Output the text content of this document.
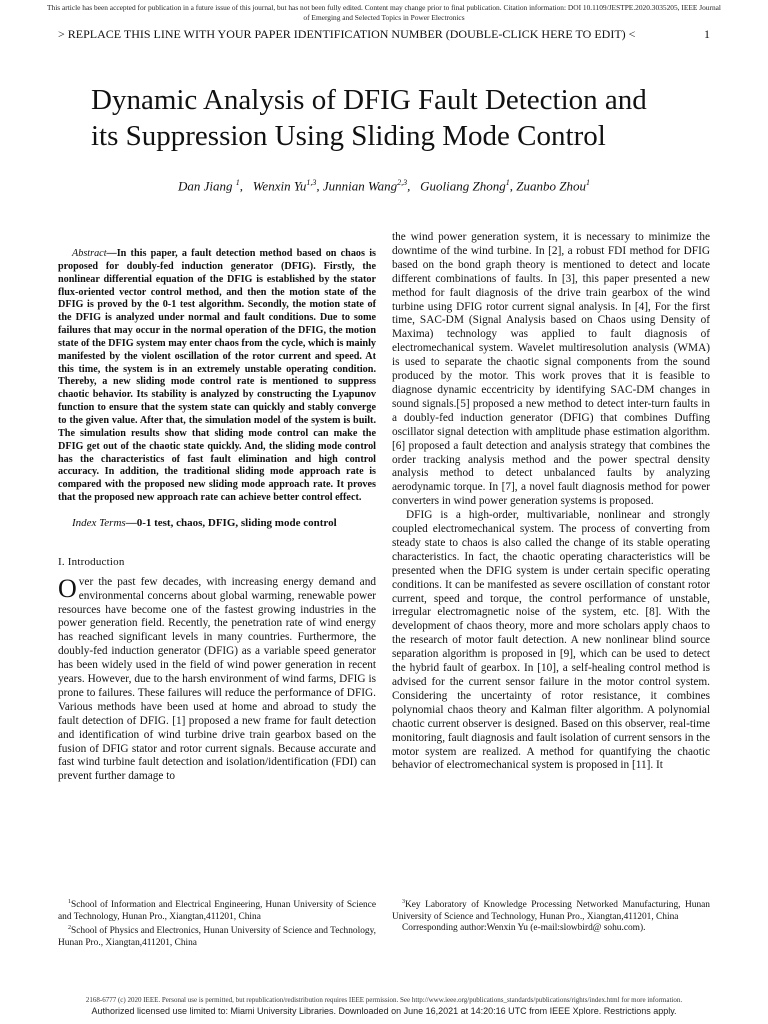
This article has been accepted for publication in a future issue of this journal, but has not been fully edited. Content may change prior to final publication. Citation information: DOI 10.1109/JESTPE.2020.3035205, IEEE Journal
of Emerging and Selected Topics in Power Electronics
> REPLACE THIS LINE WITH YOUR PAPER IDENTIFICATION NUMBER (DOUBLE-CLICK HERE TO EDIT) <	1
Dynamic Analysis of DFIG Fault Detection and
its Suppression Using Sliding Mode Control
Dan Jiang $^1$,   Wenxin Yu$^{1,3}$, Junnian Wang$^{2,3}$,   Guoliang Zhong$^1$, Zuanbo Zhou$^1$

Abstract—In this paper, a fault detection method based on chaos is proposed for doubly-fed induction generator (DFIG). Firstly, the nonlinear differential equation of the DFIG is established by the stator flux-oriented vector control method, and then the motion state of the DFIG is proved by the 0-1 test algorithm. Secondly, the motion state of the DFIG is analyzed under normal and fault conditions. Due to some failures that may occur in the normal operation of the DFIG, the motion state of the DFIG system may enter chaos from the cycle, which is mainly manifested by the violent oscillation of the rotor current and speed. At this time, the system is in an extremely unstable operating condition. Thereby, a new sliding mode control rate is mentioned to suppress chaotic behavior. Its stability is analyzed by constructing the Lyapunov function to ensure that the system state can quickly and stably converge to the given value. After that, the simulation model of the system is built. The simulation results show that sliding mode control can make the DFIG get out of the chaotic state quickly. And, the sliding mode control has the characteristics of fast fault elimination and high control accuracy. In addition, the traditional sliding mode approach rate is compared with the proposed new sliding mode approach rate. It proves that the proposed new approach rate can achieve better control effect.

Index Terms—0-1 test, chaos, DFIG, sliding mode control

I. Introduction

Over the past few decades, with increasing energy demand and environmental concerns about global warming, renewable power resources have become one of the fastest growing industries in the power generation field. Recently, the penetration rate of wind energy has reached significant levels in many countries. Furthermore, the doubly-fed induction generator (DFIG) as a variable speed generator has been widely used in the field of wind power generation in recent years. However, due to the harsh environment of wind farms, DFIG is prone to failures. These failures will reduce the performance of DFIG. Various methods have been used at home and abroad to study the fault detection of DFIG. [1] proposed a new frame for fault detection and identification of wind turbine drive train gearbox based on the fusion of DFIG stator and rotor current signals. Because accurate and fast wind turbine fault detection and isolation/identification (FDI) can prevent further damage to

the wind power generation system, it is necessary to minimize the downtime of the wind turbine. In [2], a robust FDI method for DFIG based on the bond graph theory is mentioned to detect and locate different combinations of faults. In [3], this paper presented a new method for fault diagnosis of the drive train gearbox of the wind turbine using DFIG rotor current signal analysis. In [4], For the first time, SAC-DM (Signal Analysis based on Chaos using Density of Maxima) technology was applied to fault diagnosis of electromechanical system. Wavelet multiresolution analysis (WMA) is used to separate the chaotic signal components from the sound produced by the motor. This work proves that it is feasible to diagnose dynamic eccentricity by identifying SAC-DM changes in sound signals.[5] proposed a new method to detect inter-turn faults in a doubly-fed induction generator (DFIG) that combines Duffing oscillator signal detection with amplitude phase estimation algorithm.[6] proposed a fault detection and analysis strategy that combines the order tracking analysis method and the power spectral density analysis method to detect unbalanced faults by analyzing aerodynamic torque. In [7], a novel fault diagnosis method for power converters in wind power generation systems is proposed.

DFIG is a high-order, multivariable, nonlinear and strongly coupled electromechanical system. The process of converting from steady state to chaos is also called the change of its stable operating characteristics. In fact, the chaotic operating characteristics will be presented when the DFIG system is under certain specific operating conditions. It can be manifested as severe oscillation of constant rotor current, speed and torque, the control performance of unstable, irregular electromagnetic noise of the system, etc. [8]. With the development of chaos theory, more and more scholars apply chaos to the research of motor fault detection. A new nonlinear blind source separation algorithm is proposed in [9], which can be used to detect the hybrid fault of gearbox. In [10], a self-healing control method is advised for the current sensor failure in the motor control system. Considering the uncertainty of rotor resistance, it combines polynomial chaos theory and Kalman filter algorithm. A polynomial chaotic current observer is designed. Based on this observer, real-time monitoring, fault diagnosis and fault isolation of current sensors in the motor system are realized. A method for quantifying the chaotic behavior of electromechanical system is proposed in [11]. It

$^1$School of Information and Electrical Engineering, Hunan University of Science and Technology, Hunan Pro., Xiangtan,411201, China

$^2$School of Physics and Electronics, Hunan University of Science and Technology, Hunan Pro., Xiangtan,411201, China

$^3$Key Laboratory of Knowledge Processing Networked Manufacturing, Hunan University of Science and Technology, Hunan Pro., Xiangtan,411201, China

Corresponding author:Wenxin Yu (e-mail:slowbird@ sohu.com).

2168-6777 (c) 2020 IEEE. Personal use is permitted, but republication/redistribution requires IEEE permission. See http://www.ieee.org/publications_standards/publications/rights/index.html for more information.
Authorized licensed use limited to: Miami University Libraries. Downloaded on June 16,2021 at 14:20:16 UTC from IEEE Xplore. Restrictions apply.
